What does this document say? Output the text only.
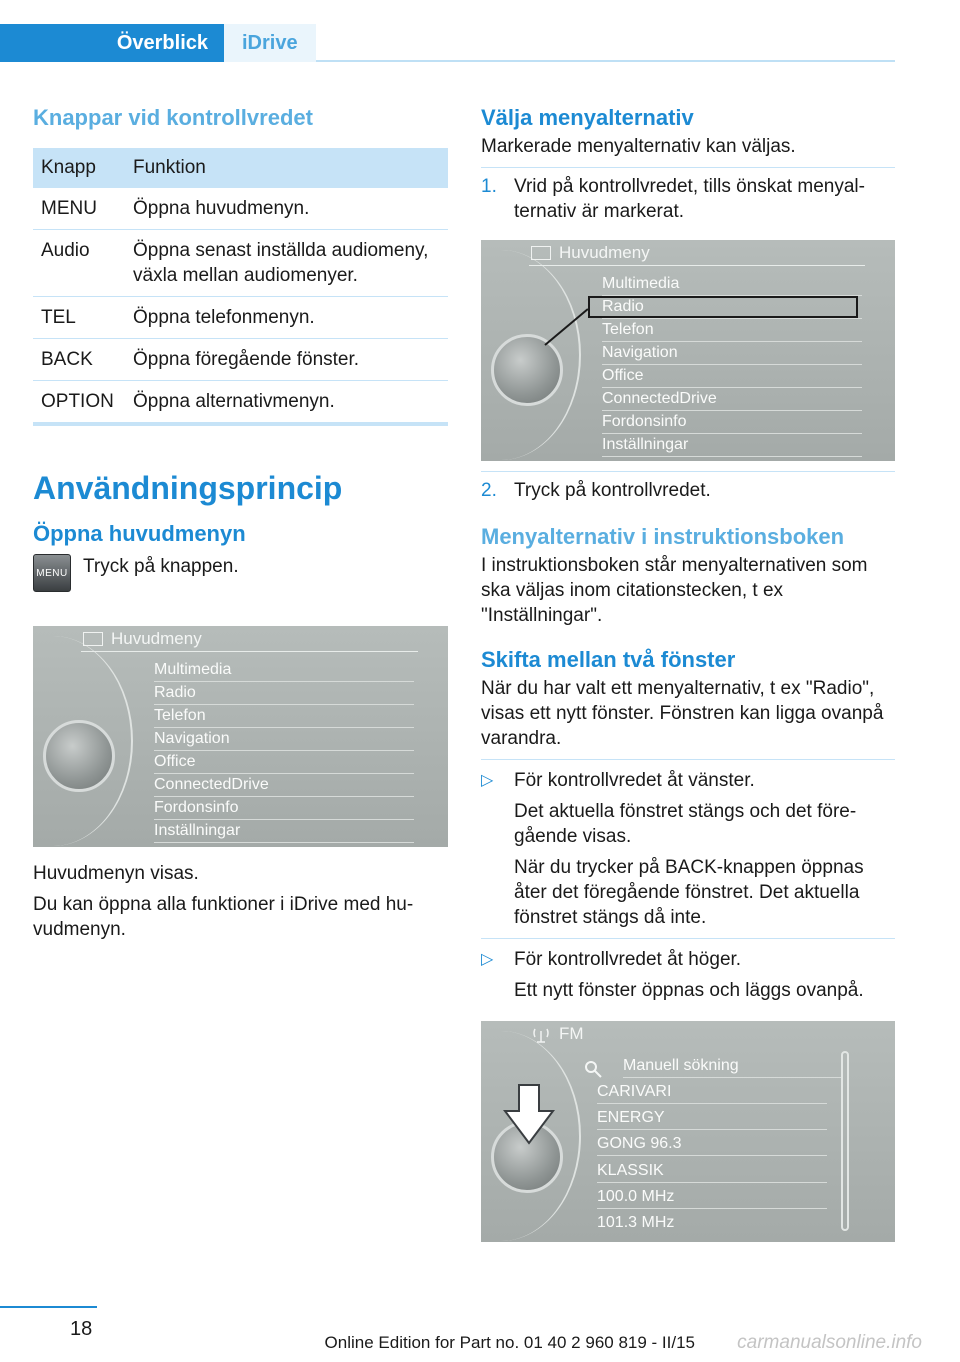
Överblick	iDrive
Knappar vid kontrollvredet
Knapp	Funktion
MENU	Öppna huvudmenyn.
Audio	Öppna senast inställda audiomeny, växla mellan audiomenyer.
TEL	Öppna telefonmenyn.
BACK	Öppna föregående fönster.
OPTION	Öppna alternativmenyn.
Användningsprincip
Öppna huvudmenyn
MENU Tryck på knappen.

Huvudmeny
Multimedia
Radio
Telefon
Navigation
Office
ConnectedDrive
Fordonsinfo
Inställningar

Huvudmenyn visas.

Du kan öppna alla funktioner i iDrive med huvudmenyn.

Välja menyalternativ

Markerade menyalternativ kan väljas.

1. Vrid på kontrollvredet, tills önskat menyalternativ är markerat.
Huvudmeny
Multimedia
Radio
Telefon
Navigation
Office
ConnectedDrive
Fordonsinfo
Inställningar
2. Tryck på kontrollvredet.
Menyalternativ i instruktionsboken

I instruktionsboken står menyalternativen som ska väljas inom citationstecken, t ex "Inställningar".

Skifta mellan två fönster

När du har valt ett menyalternativ, t ex "Radio", visas ett nytt fönster. Fönstren kan ligga ovanpå varandra.

▷ För kontrollvredet åt vänster.

Det aktuella fönstret stängs och det föregående visas.

När du trycker på BACK-knappen öppnas åter det föregående fönstret. Det aktuella fönstret stängs då inte.

▷ För kontrollvredet åt höger.

Ett nytt fönster öppnas och läggs ovanpå.

FM
Manuell sökning
CARIVARI
ENERGY
GONG 96.3
KLASSIK
100.0 MHz
101.3 MHz
18
Online Edition for Part no. 01 40 2 960 819 - II/15 carmanualsonline.info
